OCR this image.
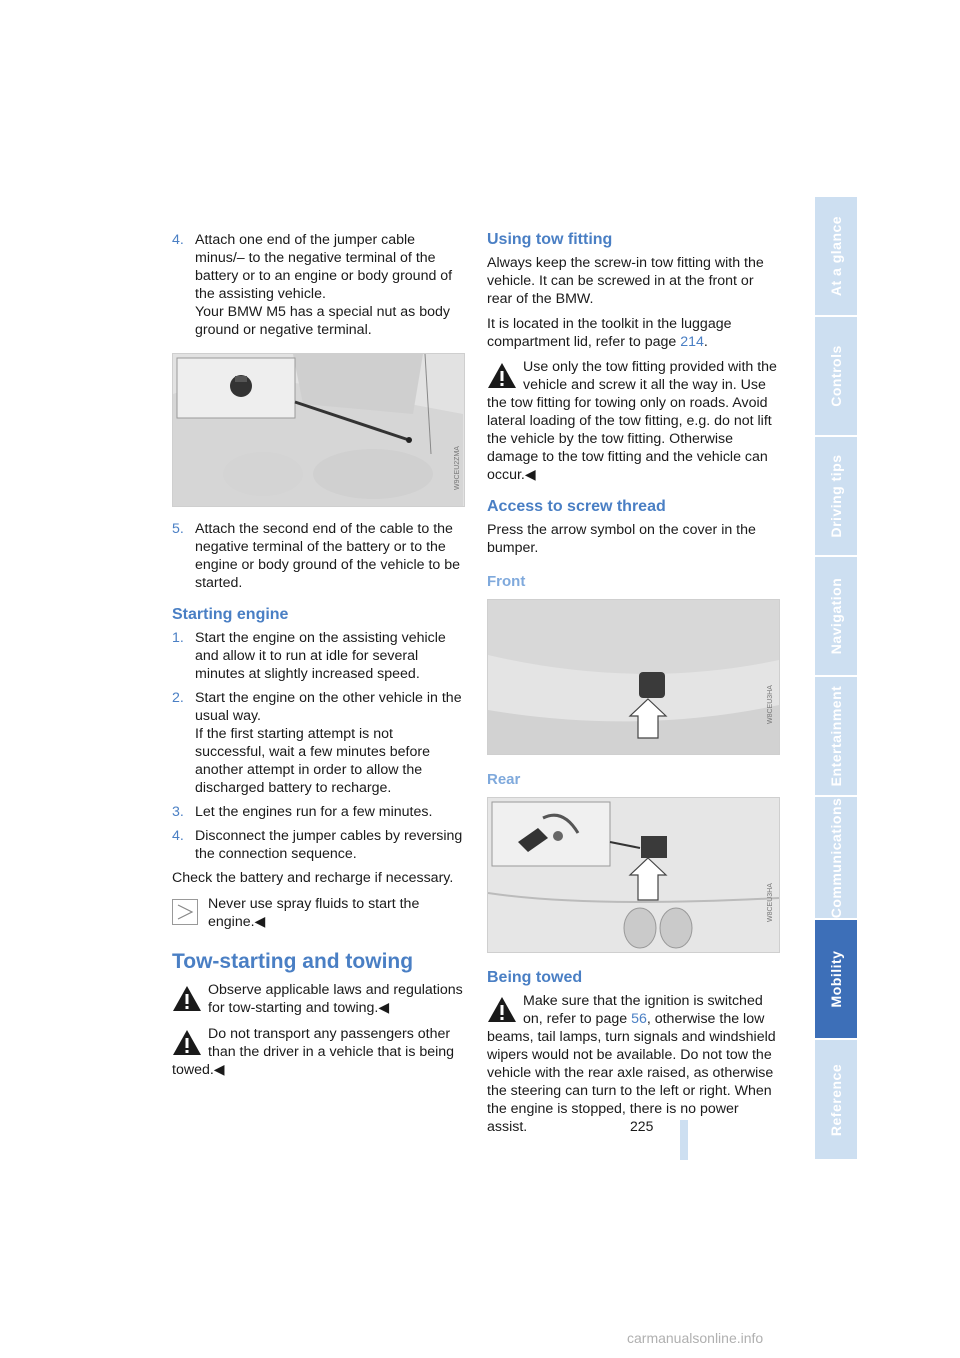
4. Attach one end of the jumper cable minus/– to the negative terminal of the battery or to an engine or body ground of the assisting vehicle.
Your BMW M5 has a special nut as body ground or negative terminal.
W9CEU2ZMA
5. Attach the second end of the cable to the negative terminal of the battery or to the engine or body ground of the vehicle to be started.
Starting engine
1. Start the engine on the assisting vehicle and allow it to run at idle for several minutes at slightly increased speed.
2. Start the engine on the other vehicle in the usual way.
If the first starting attempt is not successful, wait a few minutes before another attempt in order to allow the discharged battery to recharge.
3. Let the engines run for a few minutes.
4. Disconnect the jumper cables by reversing the connection sequence.

Check the battery and recharge if necessary.

Never use spray fluids to start the engine.◀
Tow-starting and towing
Observe applicable laws and regulations for tow-starting and towing.◀
Do not transport any passengers other than the driver in a vehicle that is being towed.◀
Using tow fitting

Always keep the screw-in tow fitting with the vehicle. It can be screwed in at the front or rear of the BMW.

It is located in the toolkit in the luggage compartment lid, refer to page 214.

Use only the tow fitting provided with the vehicle and screw it all the way in. Use the tow fitting for towing only on roads. Avoid lateral loading of the tow fitting, e.g. do not lift the vehicle by the tow fitting. Otherwise damage to the tow fitting and the vehicle can occur.◀
Access to screw thread

Press the arrow symbol on the cover in the bumper.

Front
W8CEU3HA
Rear
W8CEU3HA
Being towed
Make sure that the ignition is switched on, refer to page 56, otherwise the low beams, tail lamps, turn signals and windshield wipers would not be available. Do not tow the vehicle with the rear axle raised, as otherwise the steering can turn to the left or right. When the engine is stopped, there is no power assist.
At a glance
Controls
Driving tips
Navigation
Entertainment
Communications
Mobility
Reference
225
carmanualsonline.info
